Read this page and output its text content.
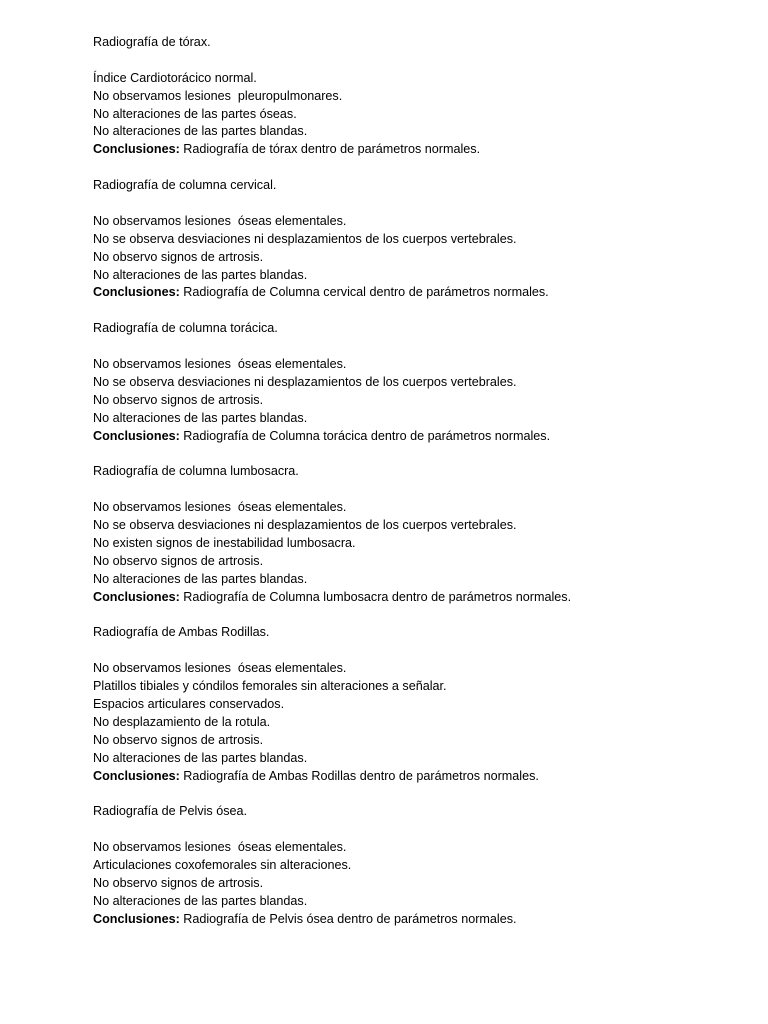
Radiografía de tórax.
Índice Cardiotorácico normal.
No observamos lesiones  pleuropulmonares.
No alteraciones de las partes óseas.
No alteraciones de las partes blandas.
Conclusiones: Radiografía de tórax dentro de parámetros normales.
Radiografía de columna cervical.
No observamos lesiones  óseas elementales.
No se observa desviaciones ni desplazamientos de los cuerpos vertebrales.
No observo signos de artrosis.
No alteraciones de las partes blandas.
Conclusiones: Radiografía de Columna cervical dentro de parámetros normales.
Radiografía de columna torácica.
No observamos lesiones  óseas elementales.
No se observa desviaciones ni desplazamientos de los cuerpos vertebrales.
No observo signos de artrosis.
No alteraciones de las partes blandas.
Conclusiones: Radiografía de Columna torácica dentro de parámetros normales.
Radiografía de columna lumbosacra.
No observamos lesiones  óseas elementales.
No se observa desviaciones ni desplazamientos de los cuerpos vertebrales.
No existen signos de inestabilidad lumbosacra.
No observo signos de artrosis.
No alteraciones de las partes blandas.
Conclusiones: Radiografía de Columna lumbosacra dentro de parámetros normales.
Radiografía de Ambas Rodillas.
No observamos lesiones  óseas elementales.
Platillos tibiales y cóndilos femorales sin alteraciones a señalar.
Espacios articulares conservados.
No desplazamiento de la rotula.
No observo signos de artrosis.
No alteraciones de las partes blandas.
Conclusiones: Radiografía de Ambas Rodillas dentro de parámetros normales.
Radiografía de Pelvis ósea.
No observamos lesiones  óseas elementales.
Articulaciones coxofemorales sin alteraciones.
No observo signos de artrosis.
No alteraciones de las partes blandas.
Conclusiones: Radiografía de Pelvis ósea dentro de parámetros normales.
